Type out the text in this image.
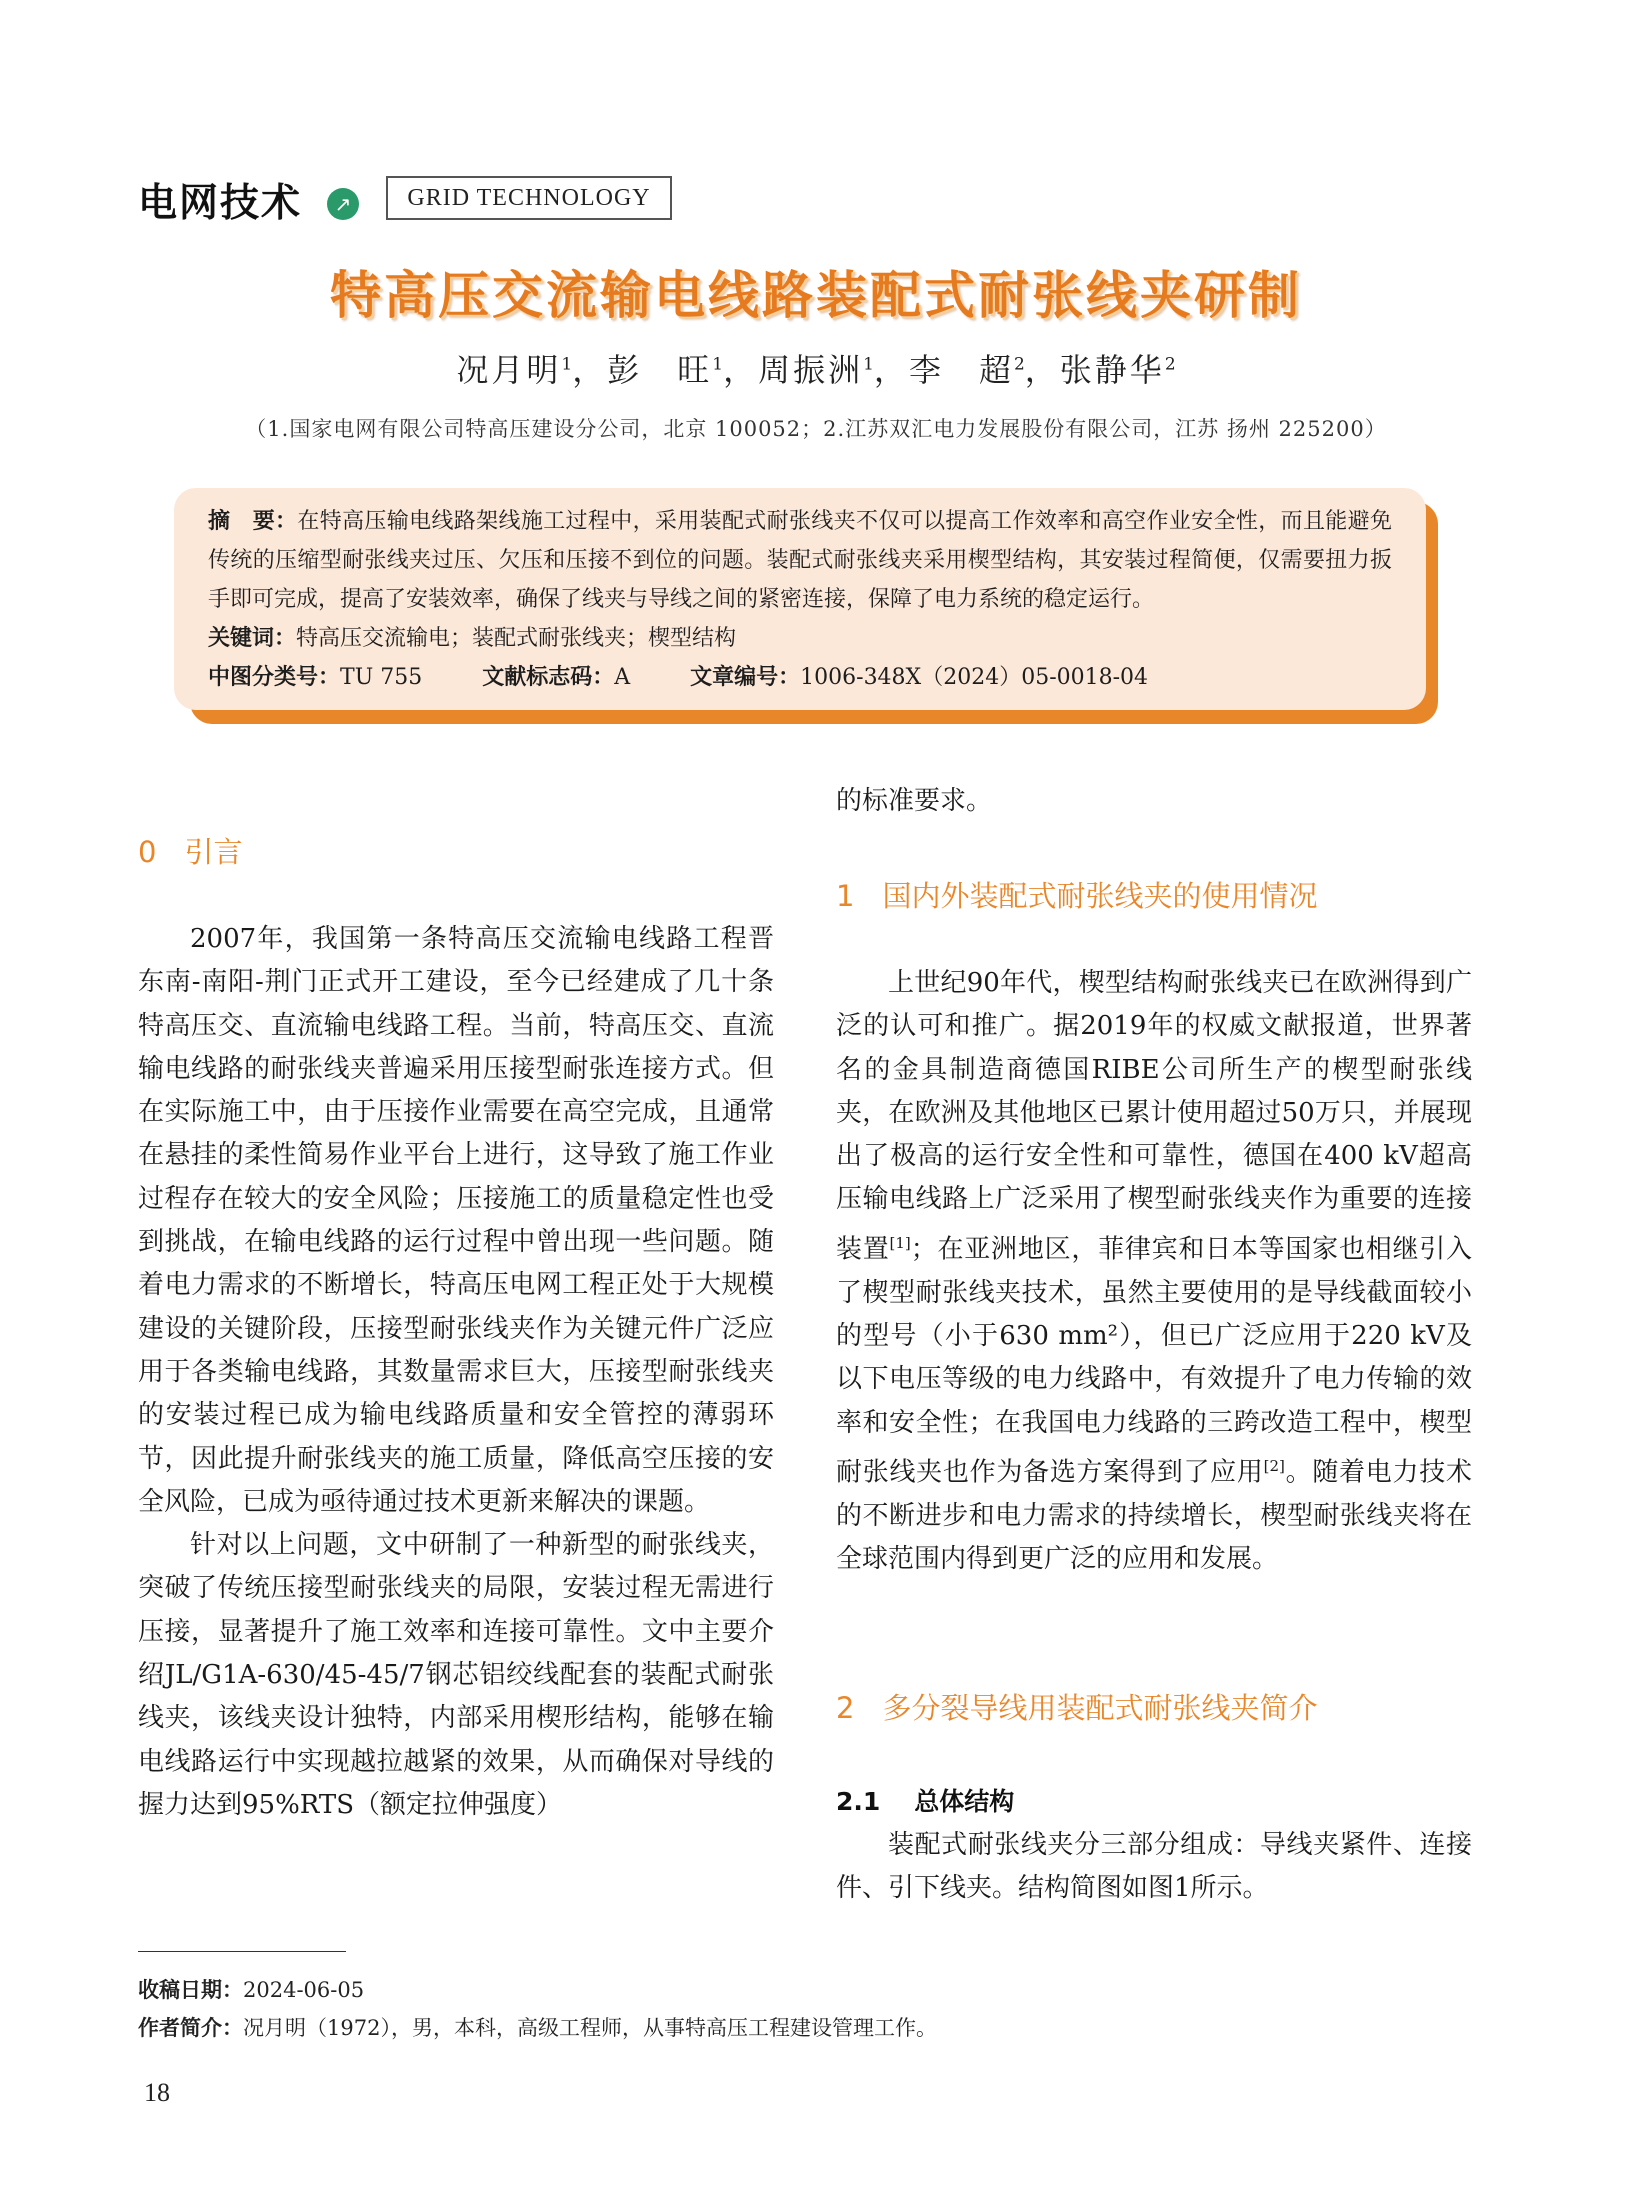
电网技术	↗	GRID TECHNOLOGY
特高压交流输电线路装配式耐张线夹研制
况月明$^1$，彭　旺$^1$，周振洲$^1$，李　超$^2$，张静华$^2$
（1.国家电网有限公司特高压建设分公司，北京 100052；2.江苏双汇电力发展股份有限公司，江苏 扬州 225200）
摘　要：在特高压输电线路架线施工过程中，采用装配式耐张线夹不仅可以提高工作效率和高空作业安全性，而且能避免传统的压缩型耐张线夹过压、欠压和压接不到位的问题。装配式耐张线夹采用楔型结构，其安装过程简便，仅需要扭力扳手即可完成，提高了安装效率，确保了线夹与导线之间的紧密连接，保障了电力系统的稳定运行。
关键词：特高压交流输电；装配式耐张线夹；楔型结构
中图分类号：TU 755	文献标志码：A	文章编号：1006-348X（2024）05-0018-04
0 引言

2007年，我国第一条特高压交流输电线路工程晋东南-南阳-荆门正式开工建设，至今已经建成了几十条特高压交、直流输电线路工程。当前，特高压交、直流输电线路的耐张线夹普遍采用压接型耐张连接方式。但在实际施工中，由于压接作业需要在高空完成，且通常在悬挂的柔性简易作业平台上进行，这导致了施工作业过程存在较大的安全风险；压接施工的质量稳定性也受到挑战，在输电线路的运行过程中曾出现一些问题。随着电力需求的不断增长，特高压电网工程正处于大规模建设的关键阶段，压接型耐张线夹作为关键元件广泛应用于各类输电线路，其数量需求巨大，压接型耐张线夹的安装过程已成为输电线路质量和安全管控的薄弱环节，因此提升耐张线夹的施工质量，降低高空压接的安全风险，已成为亟待通过技术更新来解决的课题。

针对以上问题，文中研制了一种新型的耐张线夹，突破了传统压接型耐张线夹的局限，安装过程无需进行压接，显著提升了施工效率和连接可靠性。文中主要介绍JL/G1A-630/45-45/7钢芯铝绞线配套的装配式耐张线夹，该线夹设计独特，内部采用楔形结构，能够在输电线路运行中实现越拉越紧的效果，从而确保对导线的握力达到95%RTS（额定拉伸强度）

的标准要求。

1 国内外装配式耐张线夹的使用情况

上世纪90年代，楔型结构耐张线夹已在欧洲得到广泛的认可和推广。据2019年的权威文献报道，世界著名的金具制造商德国RIBE公司所生产的楔型耐张线夹，在欧洲及其他地区已累计使用超过50万只，并展现出了极高的运行安全性和可靠性，德国在400 kV超高压输电线路上广泛采用了楔型耐张线夹作为重要的连接装置[1]；在亚洲地区，菲律宾和日本等国家也相继引入了楔型耐张线夹技术，虽然主要使用的是导线截面较小的型号（小于630 mm²），但已广泛应用于220 kV及以下电压等级的电力线路中，有效提升了电力传输的效率和安全性；在我国电力线路的三跨改造工程中，楔型耐张线夹也作为备选方案得到了应用[2]。随着电力技术的不断进步和电力需求的持续增长，楔型耐张线夹将在全球范围内得到更广泛的应用和发展。

2 多分裂导线用装配式耐张线夹简介
2.1 总体结构

装配式耐张线夹分三部分组成：导线夹紧件、连接件、引下线夹。结构简图如图1所示。

收稿日期：2024-06-05
作者简介：况月明（1972），男，本科，高级工程师，从事特高压工程建设管理工作。
18
